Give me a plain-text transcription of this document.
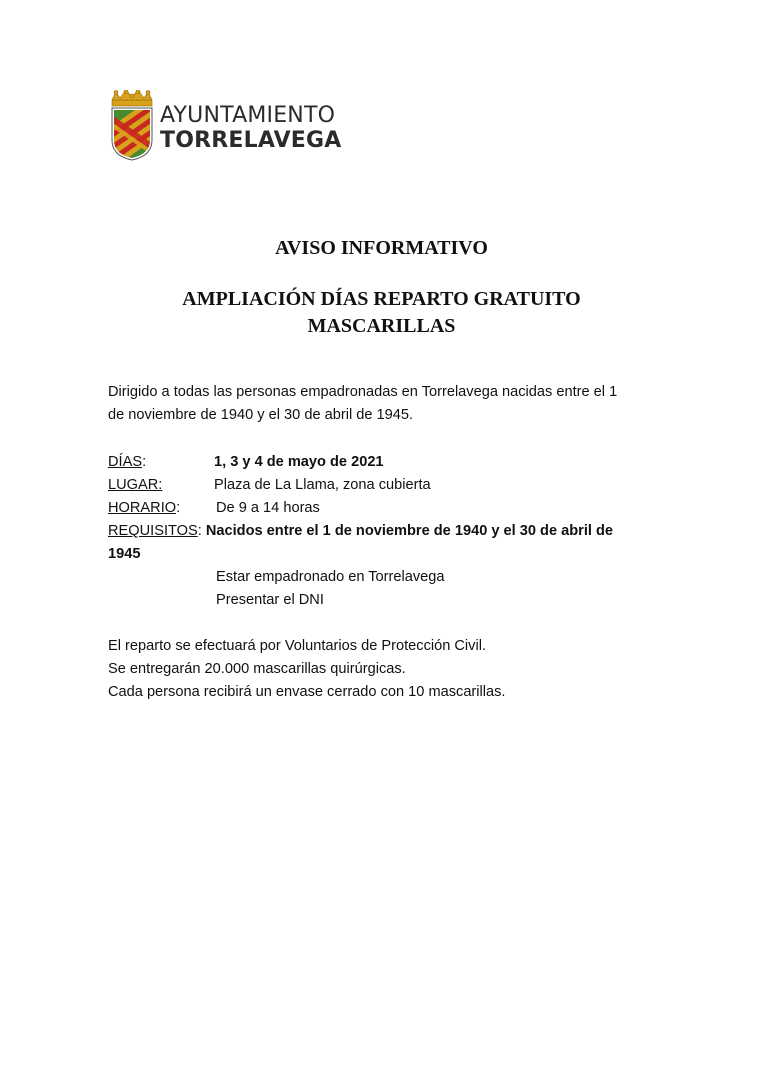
AYUNTAMIENTO
TORRELAVEGA
AVISO INFORMATIVO
AMPLIACIÓN DÍAS REPARTO GRATUITO
MASCARILLAS
Dirigido a todas las personas empadronadas en Torrelavega nacidas entre el 1
de noviembre de 1940 y el 30 de abril de 1945.
DÍAS:	1, 3 y 4 de mayo de 2021
LUGAR:	Plaza de La Llama, zona cubierta
HORARIO: De 9 a 14 horas
REQUISITOS: Nacidos entre el 1 de noviembre de 1940 y el 30 de abril de
1945
Estar empadronado en Torrelavega
Presentar el DNI
El reparto se efectuará por Voluntarios de Protección Civil.
Se entregarán 20.000 mascarillas quirúrgicas.
Cada persona recibirá un envase cerrado con 10 mascarillas.
